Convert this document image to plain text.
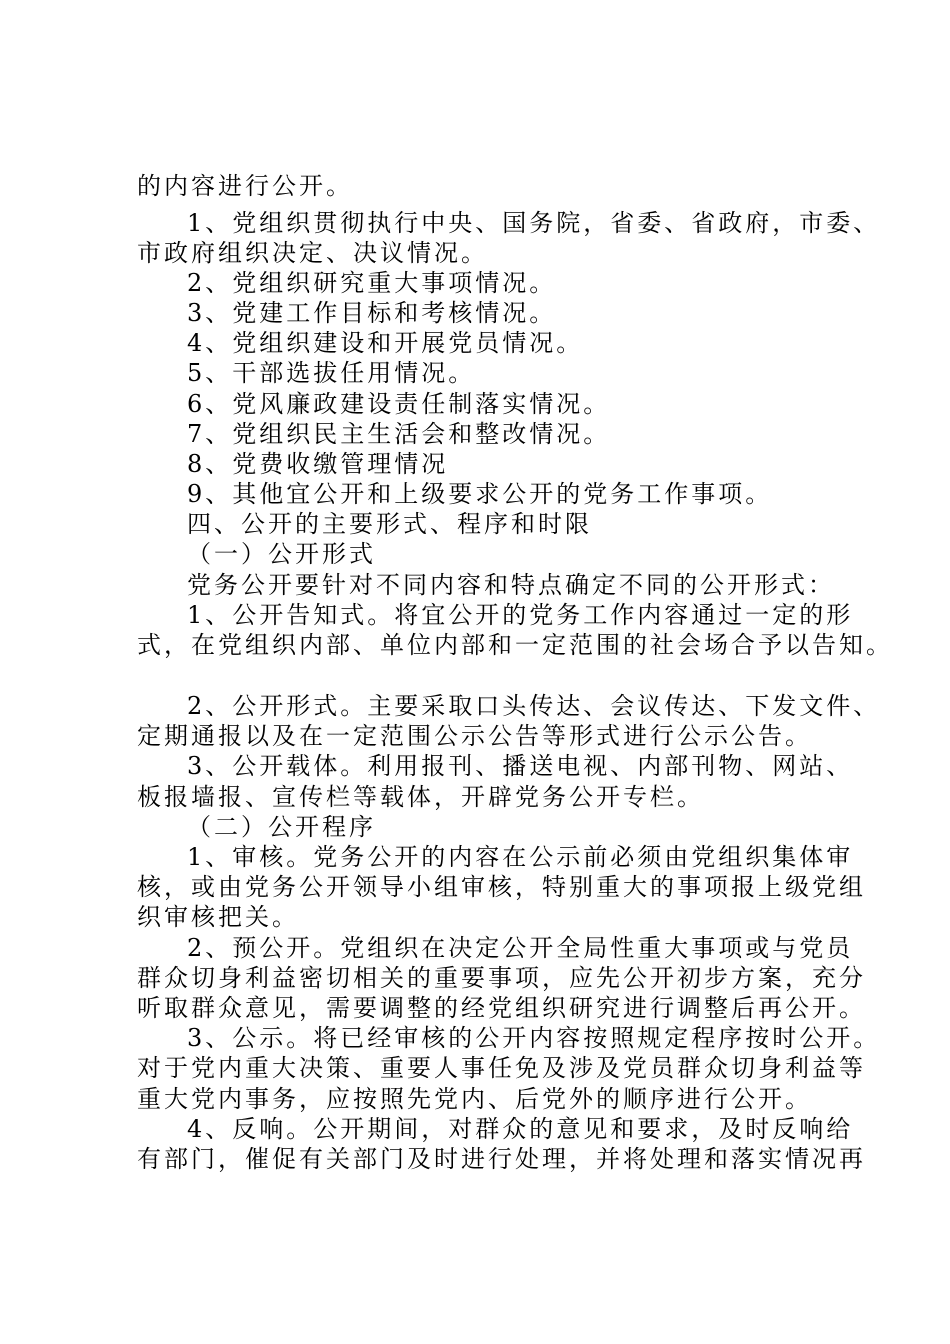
的内容进行公开。
1、党组织贯彻执行中央、国务院，省委、省政府，市委、
市政府组织决定、决议情况。
2、党组织研究重大事项情况。
3、党建工作目标和考核情况。
4、党组织建设和开展党员情况。
5、干部选拔任用情况。
6、党风廉政建设责任制落实情况。
7、党组织民主生活会和整改情况。
8、党费收缴管理情况
9、其他宜公开和上级要求公开的党务工作事项。
四、公开的主要形式、程序和时限
（一）公开形式
党务公开要针对不同内容和特点确定不同的公开形式：
1、公开告知式。将宜公开的党务工作内容通过一定的形
式，在党组织内部、单位内部和一定范围的社会场合予以告知。
2、公开形式。主要采取口头传达、会议传达、下发文件、
定期通报以及在一定范围公示公告等形式进行公示公告。
3、公开载体。利用报刊、播送电视、内部刊物、网站、
板报墙报、宣传栏等载体，开辟党务公开专栏。
（二）公开程序
1、审核。党务公开的内容在公示前必须由党组织集体审
核，或由党务公开领导小组审核，特别重大的事项报上级党组
织审核把关。
2、预公开。党组织在决定公开全局性重大事项或与党员
群众切身利益密切相关的重要事项，应先公开初步方案，充分
听取群众意见，需要调整的经党组织研究进行调整后再公开。
3、公示。将已经审核的公开内容按照规定程序按时公开。
对于党内重大决策、重要人事任免及涉及党员群众切身利益等
重大党内事务，应按照先党内、后党外的顺序进行公开。
4、反响。公开期间，对群众的意见和要求，及时反响给
有部门，催促有关部门及时进行处理，并将处理和落实情况再
